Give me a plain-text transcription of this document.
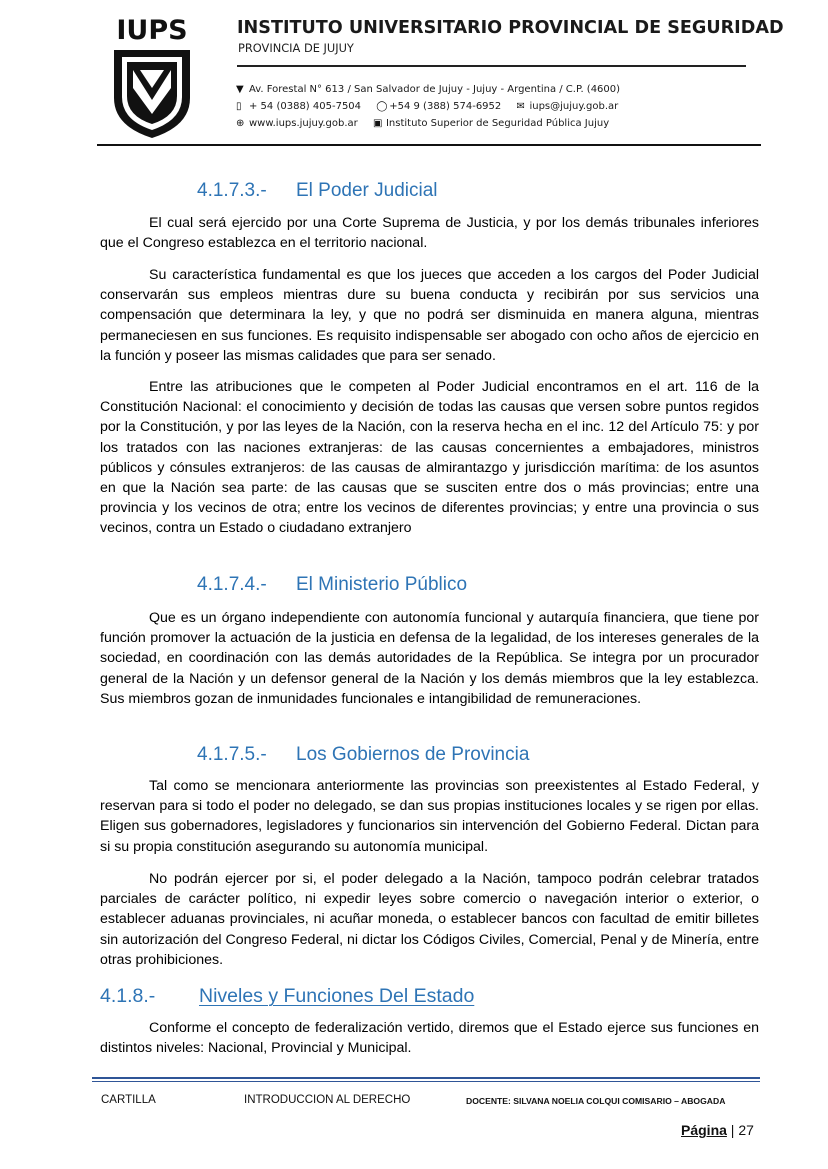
IUPS	INSTITUTO UNIVERSITARIO PROVINCIAL DE SEGURIDAD
PROVINCIA DE JUJUY
▼ Av. Forestal N° 613 / San Salvador de Jujuy - Jujuy - Argentina / C.P. (4600)
▯ + 54 (0388) 405-7504 ◯ +54 9 (388) 574-6952 ✉ iups@jujuy.gob.ar
⊕ www.iups.jujuy.gob.ar ▣ Instituto Superior de Seguridad Pública Jujuy
4.1.7.3.- El Poder Judicial

El cual será ejercido por una Corte Suprema de Justicia, y por los demás tribunales inferiores que el Congreso establezca en el territorio nacional.

Su característica fundamental es que los jueces que acceden a los cargos del Poder Judicial conservarán sus empleos mientras dure su buena conducta y recibirán por sus servicios una compensación que determinara la ley, y que no podrá ser disminuida en manera alguna, mientras permaneciesen en sus funciones. Es requisito indispensable ser abogado con ocho años de ejercicio en la función y poseer las mismas calidades que para ser senado.

Entre las atribuciones que le competen al Poder Judicial encontramos en el art. 116 de la Constitución Nacional: el conocimiento y decisión de todas las causas que versen sobre puntos regidos por la Constitución, y por las leyes de la Nación, con la reserva hecha en el inc. 12 del Artículo 75: y por los tratados con las naciones extranjeras: de las causas concernientes a embajadores, ministros públicos y cónsules extranjeros: de las causas de almirantazgo y jurisdicción marítima: de los asuntos en que la Nación sea parte: de las causas que se susciten entre dos o más provincias; entre una provincia y los vecinos de otra; entre los vecinos de diferentes provincias; y entre una provincia o sus vecinos, contra un Estado o ciudadano extranjero

4.1.7.4.- El Ministerio Público

Que es un órgano independiente con autonomía funcional y autarquía financiera, que tiene por función promover la actuación de la justicia en defensa de la legalidad, de los intereses generales de la sociedad, en coordinación con las demás autoridades de la República. Se integra por un procurador general de la Nación y un defensor general de la Nación y los demás miembros que la ley establezca. Sus miembros gozan de inmunidades funcionales e intangibilidad de remuneraciones.

4.1.7.5.- Los Gobiernos de Provincia

Tal como se mencionara anteriormente las provincias son preexistentes al Estado Federal, y reservan para si todo el poder no delegado, se dan sus propias instituciones locales y se rigen por ellas. Eligen sus gobernadores, legisladores y funcionarios sin intervención del Gobierno Federal. Dictan para si su propia constitución asegurando su autonomía municipal.

No podrán ejercer por si, el poder delegado a la Nación, tampoco podrán celebrar tratados parciales de carácter político, ni expedir leyes sobre comercio o navegación interior o exterior, o establecer aduanas provinciales, ni acuñar moneda, o establecer bancos con facultad de emitir billetes sin autorización del Congreso Federal, ni dictar los Códigos Civiles, Comercial, Penal y de Minería, entre otras prohibiciones.

4.1.8.- Niveles y Funciones Del Estado

Conforme el concepto de federalización vertido, diremos que el Estado ejerce sus funciones en distintos niveles: Nacional, Provincial y Municipal.

CARTILLA	INTRODUCCION AL DERECHO	DOCENTE: SILVANA NOELIA COLQUI COMISARIO – ABOGADA
Página | 27
